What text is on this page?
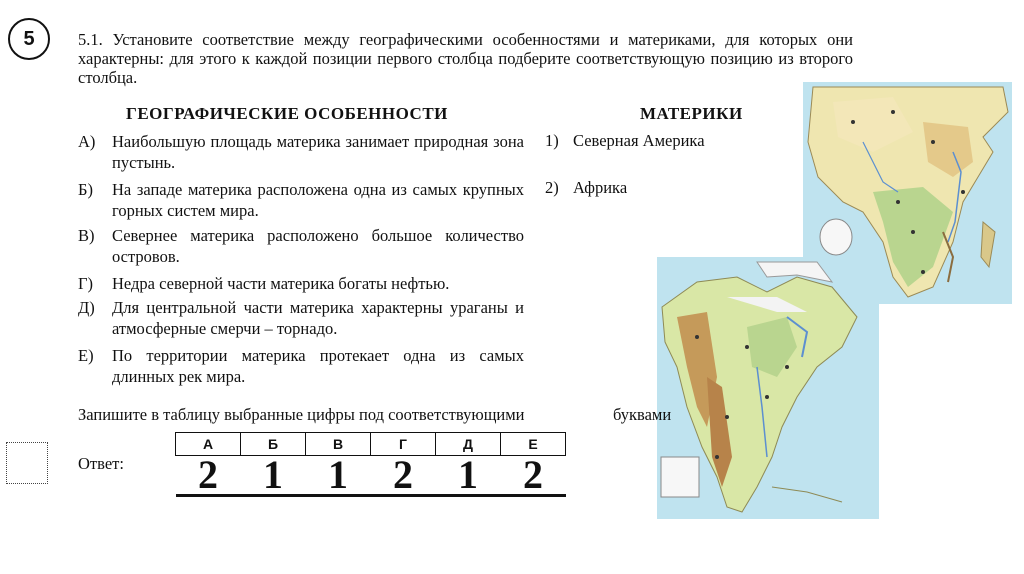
5	5.1. Установите соответствие между географическими особенностями и материками, для которых они характерны: для этого к каждой позиции первого столбца подберите соответствующую позицию из второго столбца.
ГЕОГРАФИЧЕСКИЕ ОСОБЕННОСТИ	МАТЕРИКИ
А) Наибольшую площадь материка занимает природная зона пустынь.
Б) На западе материка расположена одна из самых крупных горных систем мира.
В) Севернее материка расположено большое количество островов.
Г) Недра северной части материка богаты нефтью.
Д) Для центральной части материка характерны ураганы и атмосферные смерчи – торнадо.
Е) По территории материка протекает одна из самых длинных рек мира.
1) Северная Америка
2) Африка
Запишите в таблицу выбранные цифры под соответствующими	буквами
Ответ:
А	Б	В	Г	Д	Е
2	1	1	2	1	2
